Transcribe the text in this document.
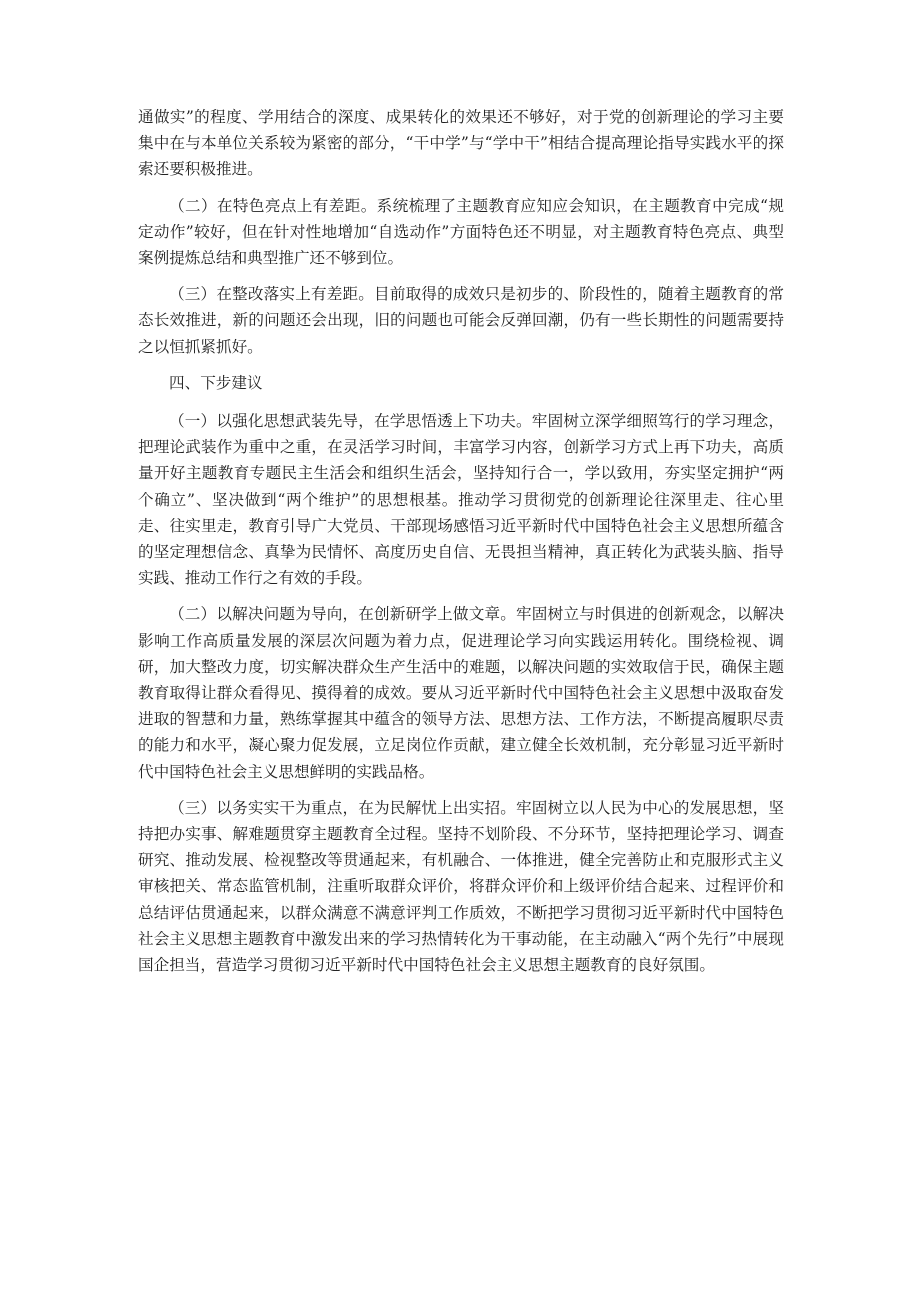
通做实”的程度、学用结合的深度、成果转化的效果还不够好，对于党的创新理论的学习主要集中在与本单位关系较为紧密的部分，“干中学”与“学中干”相结合提高理论指导实践水平的探索还要积极推进。

（二）在特色亮点上有差距。系统梳理了主题教育应知应会知识，在主题教育中完成“规定动作”较好，但在针对性地增加“自选动作”方面特色还不明显，对主题教育特色亮点、典型案例提炼总结和典型推广还不够到位。

（三）在整改落实上有差距。目前取得的成效只是初步的、阶段性的，随着主题教育的常态长效推进，新的问题还会出现，旧的问题也可能会反弹回潮，仍有一些长期性的问题需要持之以恒抓紧抓好。

四、下步建议

（一）以强化思想武装先导，在学思悟透上下功夫。牢固树立深学细照笃行的学习理念，把理论武装作为重中之重，在灵活学习时间，丰富学习内容，创新学习方式上再下功夫，高质量开好主题教育专题民主生活会和组织生活会，坚持知行合一，学以致用，夯实坚定拥护“两个确立”、坚决做到“两个维护”的思想根基。推动学习贯彻党的创新理论往深里走、往心里走、往实里走，教育引导广大党员、干部现场感悟习近平新时代中国特色社会主义思想所蕴含的坚定理想信念、真挚为民情怀、高度历史自信、无畏担当精神，真正转化为武装头脑、指导实践、推动工作行之有效的手段。

（二）以解决问题为导向，在创新研学上做文章。牢固树立与时俱进的创新观念，以解决影响工作高质量发展的深层次问题为着力点，促进理论学习向实践运用转化。围绕检视、调研，加大整改力度，切实解决群众生产生活中的难题，以解决问题的实效取信于民，确保主题教育取得让群众看得见、摸得着的成效。要从习近平新时代中国特色社会主义思想中汲取奋发进取的智慧和力量，熟练掌握其中蕴含的领导方法、思想方法、工作方法，不断提高履职尽责的能力和水平，凝心聚力促发展，立足岗位作贡献，建立健全长效机制，充分彰显习近平新时代中国特色社会主义思想鲜明的实践品格。

（三）以务实实干为重点，在为民解忧上出实招。牢固树立以人民为中心的发展思想，坚持把办实事、解难题贯穿主题教育全过程。坚持不划阶段、不分环节，坚持把理论学习、调查研究、推动发展、检视整改等贯通起来，有机融合、一体推进，健全完善防止和克服形式主义审核把关、常态监管机制，注重听取群众评价，将群众评价和上级评价结合起来、过程评价和总结评估贯通起来，以群众满意不满意评判工作质效，不断把学习贯彻习近平新时代中国特色社会主义思想主题教育中激发出来的学习热情转化为干事动能，在主动融入“两个先行”中展现国企担当，营造学习贯彻习近平新时代中国特色社会主义思想主题教育的良好氛围。
